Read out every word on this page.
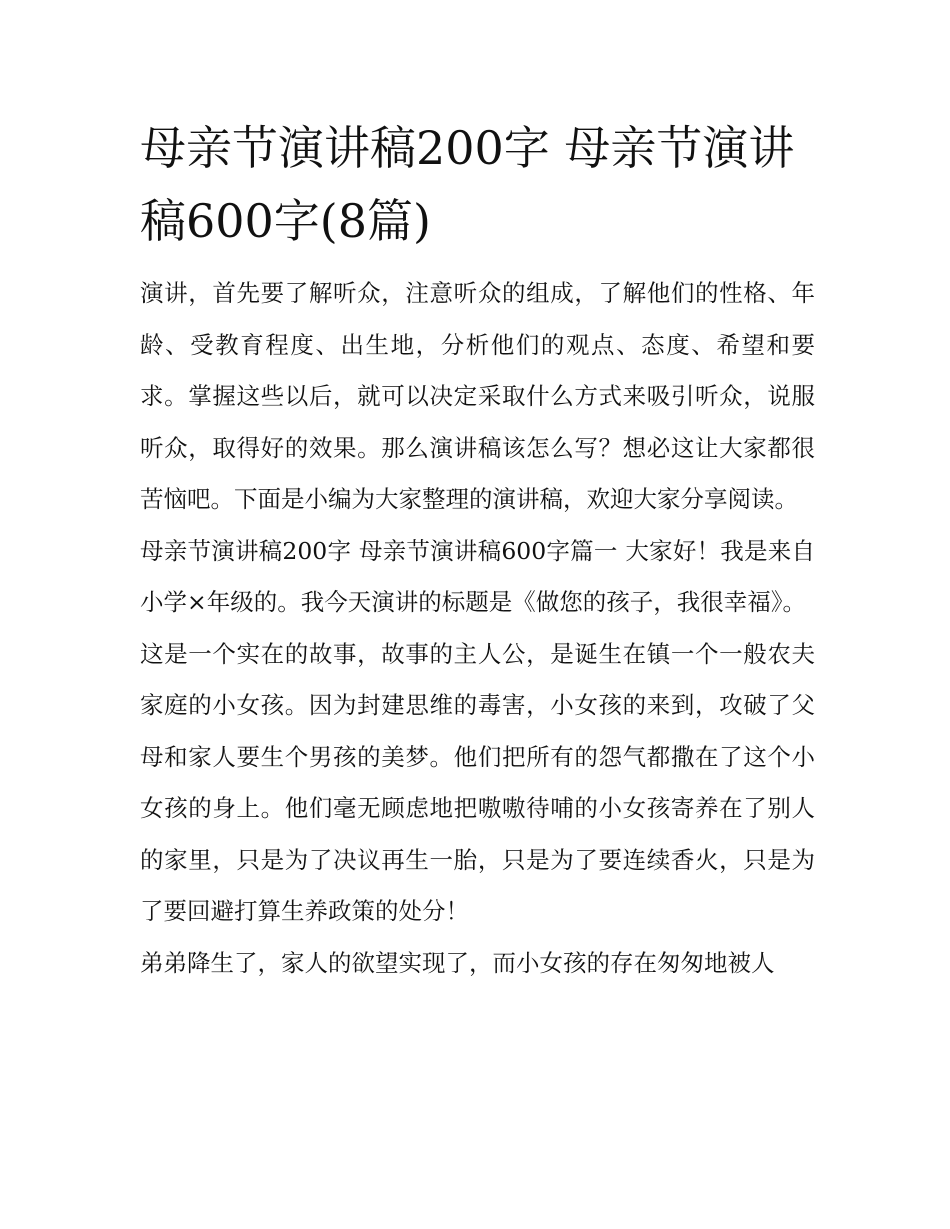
母亲节演讲稿200字 母亲节演讲稿600字(8篇)

演讲，首先要了解听众，注意听众的组成，了解他们的性格、年龄、受教育程度、出生地，分析他们的观点、态度、希望和要求。掌握这些以后，就可以决定采取什么方式来吸引听众，说服听众，取得好的效果。那么演讲稿该怎么写？想必这让大家都很苦恼吧。下面是小编为大家整理的演讲稿，欢迎大家分享阅读。

母亲节演讲稿200字 母亲节演讲稿600字篇一 大家好！我是来自小学×年级的。我今天演讲的标题是《做您的孩子，我很幸福》。

这是一个实在的故事，故事的主人公，是诞生在镇一个一般农夫家庭的小女孩。因为封建思维的毒害，小女孩的来到，攻破了父母和家人要生个男孩的美梦。他们把所有的怨气都撒在了这个小女孩的身上。他们毫无顾虑地把嗷嗷待哺的小女孩寄养在了别人的家里，只是为了决议再生一胎，只是为了要连续香火，只是为了要回避打算生养政策的处分！

弟弟降生了，家人的欲望实现了，而小女孩的存在匆匆地被人
